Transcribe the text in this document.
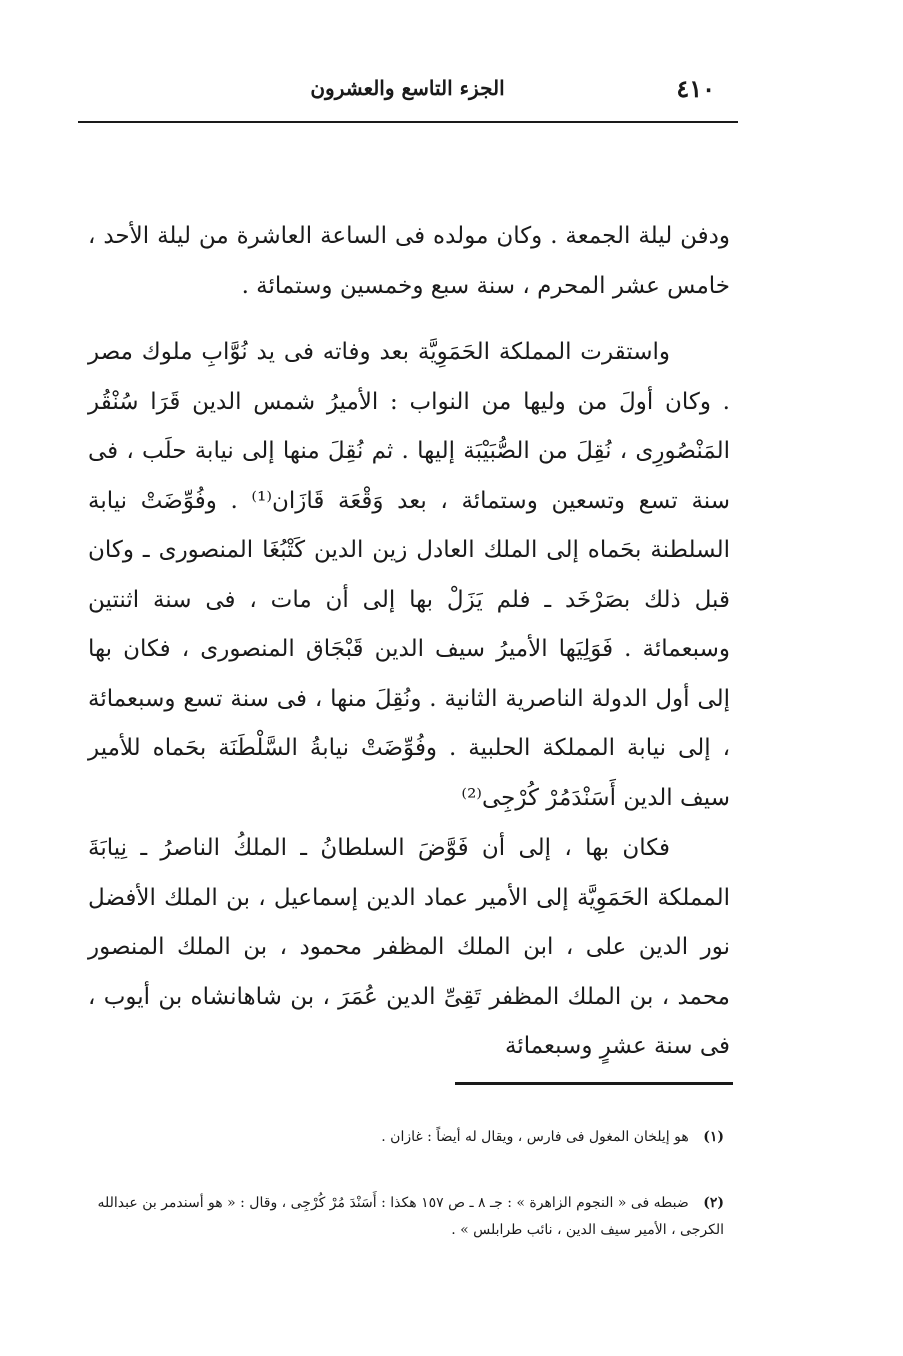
٤١٠
الجزء التاسع والعشرون

ودفن ليلة الجمعة . وكان مولده فى الساعة العاشرة من ليلة الأحد ، خامس عشر المحرم ، سنة سبع وخمسين وستمائة .

واستقرت المملكة الحَمَوِيَّة بعد وفاته فى يد نُوَّابِ ملوك مصر . وكان أولَ من وليها من النواب : الأميرُ شمس الدين قَرَا سُنْقُر المَنْصُورِى ، نُقِلَ من الصُّبَيْبَة إليها . ثم نُقِلَ منها إلى نيابة حلَب ، فى سنة تسع وتسعين وستمائة ، بعد وَقْعَة قَازَان⁽¹⁾ . وفُوِّضَتْ نيابة السلطنة بحَماه إلى الملك العادل زين الدين كَتْبُغَا المنصورى ـ وكان قبل ذلك بصَرْخَد ـ فلم يَزَلْ بها إلى أن مات ، فى سنة اثنتين وسبعمائة . فَوَلِيَها الأميرُ سيف الدين قَبْجَاق المنصورى ، فكان بها إلى أول الدولة الناصرية الثانية . ونُقِلَ منها ، فى سنة تسع وسبعمائة ، إلى نيابة المملكة الحلبية . وفُوِّضَتْ نيابةُ السَّلْطَنَة بحَماه للأمير سيف الدين أَسَنْدَمُرْ كُرْجِى⁽²⁾

فكان بها ، إلى أن فَوَّضَ السلطانُ ـ الملكُ الناصرُ ـ نِيابَةَ المملكة الحَمَوِيَّة إلى الأمير عماد الدين إسماعيل ، بن الملك الأفضل نور الدين على ، ابن الملك المظفر محمود ، بن الملك المنصور محمد ، بن الملك المظفر تَقِىِّ الدين عُمَرَ ، بن شاهانشاه بن أيوب ، فى سنة عشرٍ وسبعمائة

(١) هو إيلخان المغول فى فارس ، ويقال له أيضاً : غازان .
(٢) ضبطه فى « النجوم الزاهرة » : جـ ٨ ـ ص ١٥٧ هكذا : أَسَنْدَ مُرْ كُرْجِى ، وقال : « هو أسندمر بن عبدالله الكرجى ، الأمير سيف الدين ، نائب طرابلس » .
